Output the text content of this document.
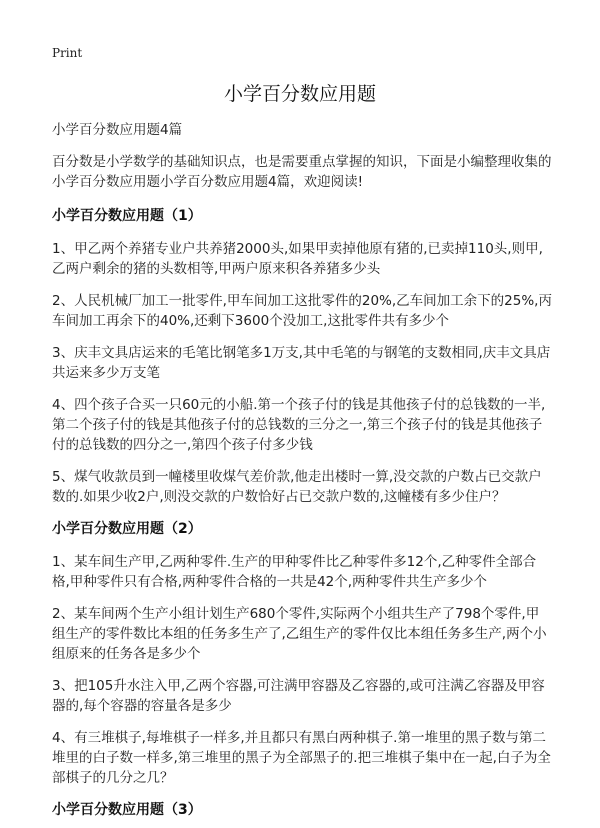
Print
小学百分数应用题

小学百分数应用题4篇

百分数是小学数学的基础知识点，也是需要重点掌握的知识，下面是小编整理收集的小学百分数应用题小学百分数应用题4篇，欢迎阅读!

小学百分数应用题（1）

1、甲乙两个养猪专业户共养猪2000头,如果甲卖掉他原有猪的,已卖掉110头,则甲,乙两户剩余的猪的头数相等,甲两户原来积各养猪多少头

2、人民机械厂加工一批零件,甲车间加工这批零件的20%,乙车间加工余下的25%,丙车间加工再余下的40%,还剩下3600个没加工,这批零件共有多少个

3、庆丰文具店运来的毛笔比钢笔多1万支,其中毛笔的与钢笔的支数相同,庆丰文具店共运来多少万支笔

4、四个孩子合买一只60元的小船.第一个孩子付的钱是其他孩子付的总钱数的一半,第二个孩子付的钱是其他孩子付的总钱数的三分之一,第三个孩子付的钱是其他孩子付的总钱数的四分之一,第四个孩子付多少钱

5、煤气收款员到一幢楼里收煤气差价款,他走出楼时一算,没交款的户数占已交款户数的.如果少收2户,则没交款的户数恰好占已交款户数的,这幢楼有多少住户？

小学百分数应用题（2）

1、某车间生产甲,乙两种零件.生产的甲种零件比乙种零件多12个,乙种零件全部合格,甲种零件只有合格,两种零件合格的一共是42个,两种零件共生产多少个

2、某车间两个生产小组计划生产680个零件,实际两个小组共生产了798个零件,甲组生产的零件数比本组的任务多生产了,乙组生产的零件仅比本组任务多生产,两个小组原来的任务各是多少个

3、把105升水注入甲,乙两个容器,可注满甲容器及乙容器的,或可注满乙容器及甲容器的,每个容器的容量各是多少

4、有三堆棋子,每堆棋子一样多,并且都只有黑白两种棋子.第一堆里的黑子数与第二堆里的白子数一样多,第三堆里的黑子为全部黑子的.把三堆棋子集中在一起,白子为全部棋子的几分之几？

小学百分数应用题（3）
